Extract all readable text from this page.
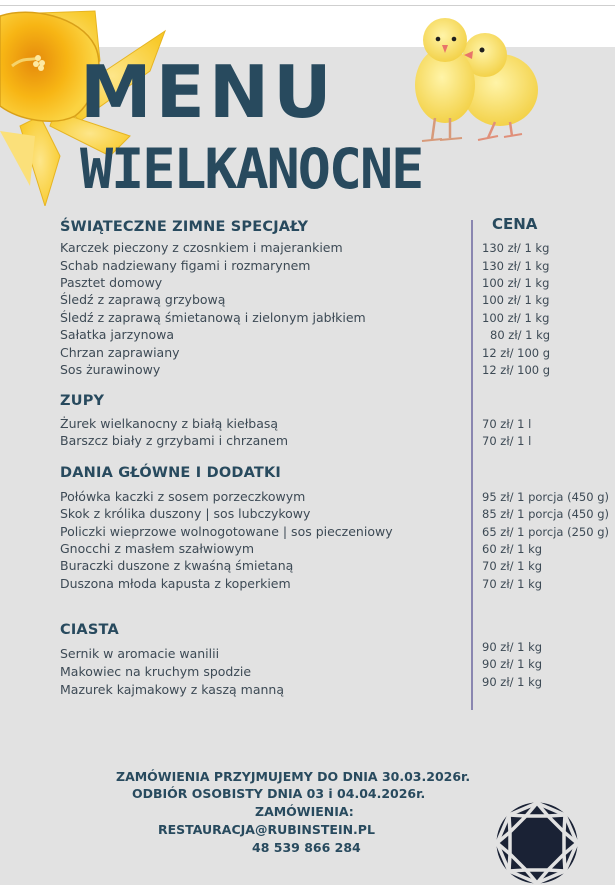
MENU
WIELKANOCNE
CENA
ŚWIĄTECZNE ZIMNE SPECJAŁY
Karczek pieczony z czosnkiem i majerankiem
Schab nadziewany figami i rozmarynem
Pasztet domowy
Śledź z zaprawą grzybową
Śledź z zaprawą śmietanową i zielonym jabłkiem
Sałatka jarzynowa
Chrzan zaprawiany
Sos żurawinowy
130 zł/ 1 kg
130 zł/ 1 kg
100 zł/ 1 kg
100 zł/ 1 kg
100 zł/ 1 kg
80 zł/ 1 kg
12 zł/ 100 g
12 zł/ 100 g
ZUPY
Żurek wielkanocny z białą kiełbasą
Barszcz biały z grzybami i chrzanem
70 zł/ 1 l
70 zł/ 1 l
DANIA GŁÓWNE I DODATKI
Połówka kaczki z sosem porzeczkowym
Skok z królika duszony | sos lubczykowy
Policzki wieprzowe wolnogotowane | sos pieczeniowy
Gnocchi z masłem szałwiowym
Buraczki duszone z kwaśną śmietaną
Duszona młoda kapusta z koperkiem
95 zł/ 1 porcja (450 g)
85 zł/ 1 porcja (450 g)
65 zł/ 1 porcja (250 g)
60 zł/ 1 kg
70 zł/ 1 kg
70 zł/ 1 kg
CIASTA
Sernik w aromacie wanilii
Makowiec na kruchym spodzie
Mazurek kajmakowy z kaszą manną
90 zł/ 1 kg
90 zł/ 1 kg
90 zł/ 1 kg
ZAMÓWIENIA PRZYJMUJEMY DO DNIA 30.03.2026r.
ODBIÓR OSOBISTY DNIA 03 i 04.04.2026r.
ZAMÓWIENIA:
RESTAURACJA@RUBINSTEIN.PL
48 539 866 284
